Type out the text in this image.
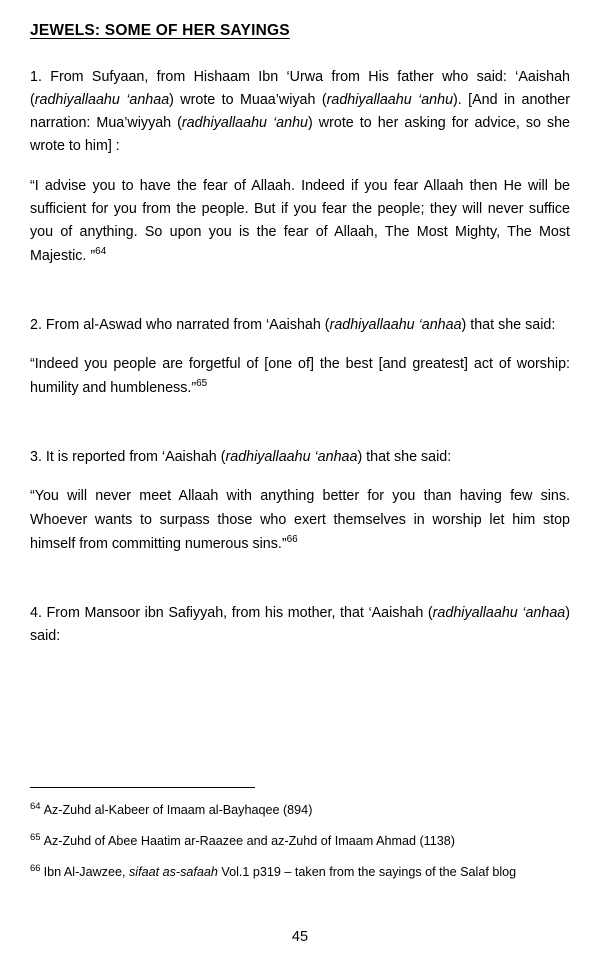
JEWELS: SOME OF HER SAYINGS

1. From Sufyaan, from Hishaam Ibn ‘Urwa from His father who said: ‘Aaishah (radhiyallaahu ‘anhaa) wrote to Muaa’wiyah (radhiyallaahu ‘anhu). [And in another narration: Mua’wiyyah (radhiyallaahu ‘anhu) wrote to her asking for advice, so she wrote to him] :

“I advise you to have the fear of Allaah. Indeed if you fear Allaah then He will be sufficient for you from the people. But if you fear the people; they will never suffice you of anything. So upon you is the fear of Allaah, The Most Mighty, The Most Majestic. ”$^{64}$

2. From al-Aswad who narrated from ‘Aaishah (radhiyallaahu ‘anhaa) that she said:

“Indeed you people are forgetful of [one of] the best [and greatest] act of worship: humility and humbleness.”$^{65}$

3. It is reported from ‘Aaishah (radhiyallaahu ‘anhaa) that she said:

“You will never meet Allaah with anything better for you than having few sins. Whoever wants to surpass those who exert themselves in worship let him stop himself from committing numerous sins.”$^{66}$

4. From Mansoor ibn Safiyyah, from his mother, that ‘Aaishah (radhiyallaahu ‘anhaa) said:

$^{64}$ Az-Zuhd al-Kabeer of Imaam al-Bayhaqee (894)

$^{65}$ Az-Zuhd of Abee Haatim ar-Raazee and az-Zuhd of Imaam Ahmad (1138)

$^{66}$ Ibn Al-Jawzee, sifaat as-safaah Vol.1 p319 – taken from the sayings of the Salaf blog

45
